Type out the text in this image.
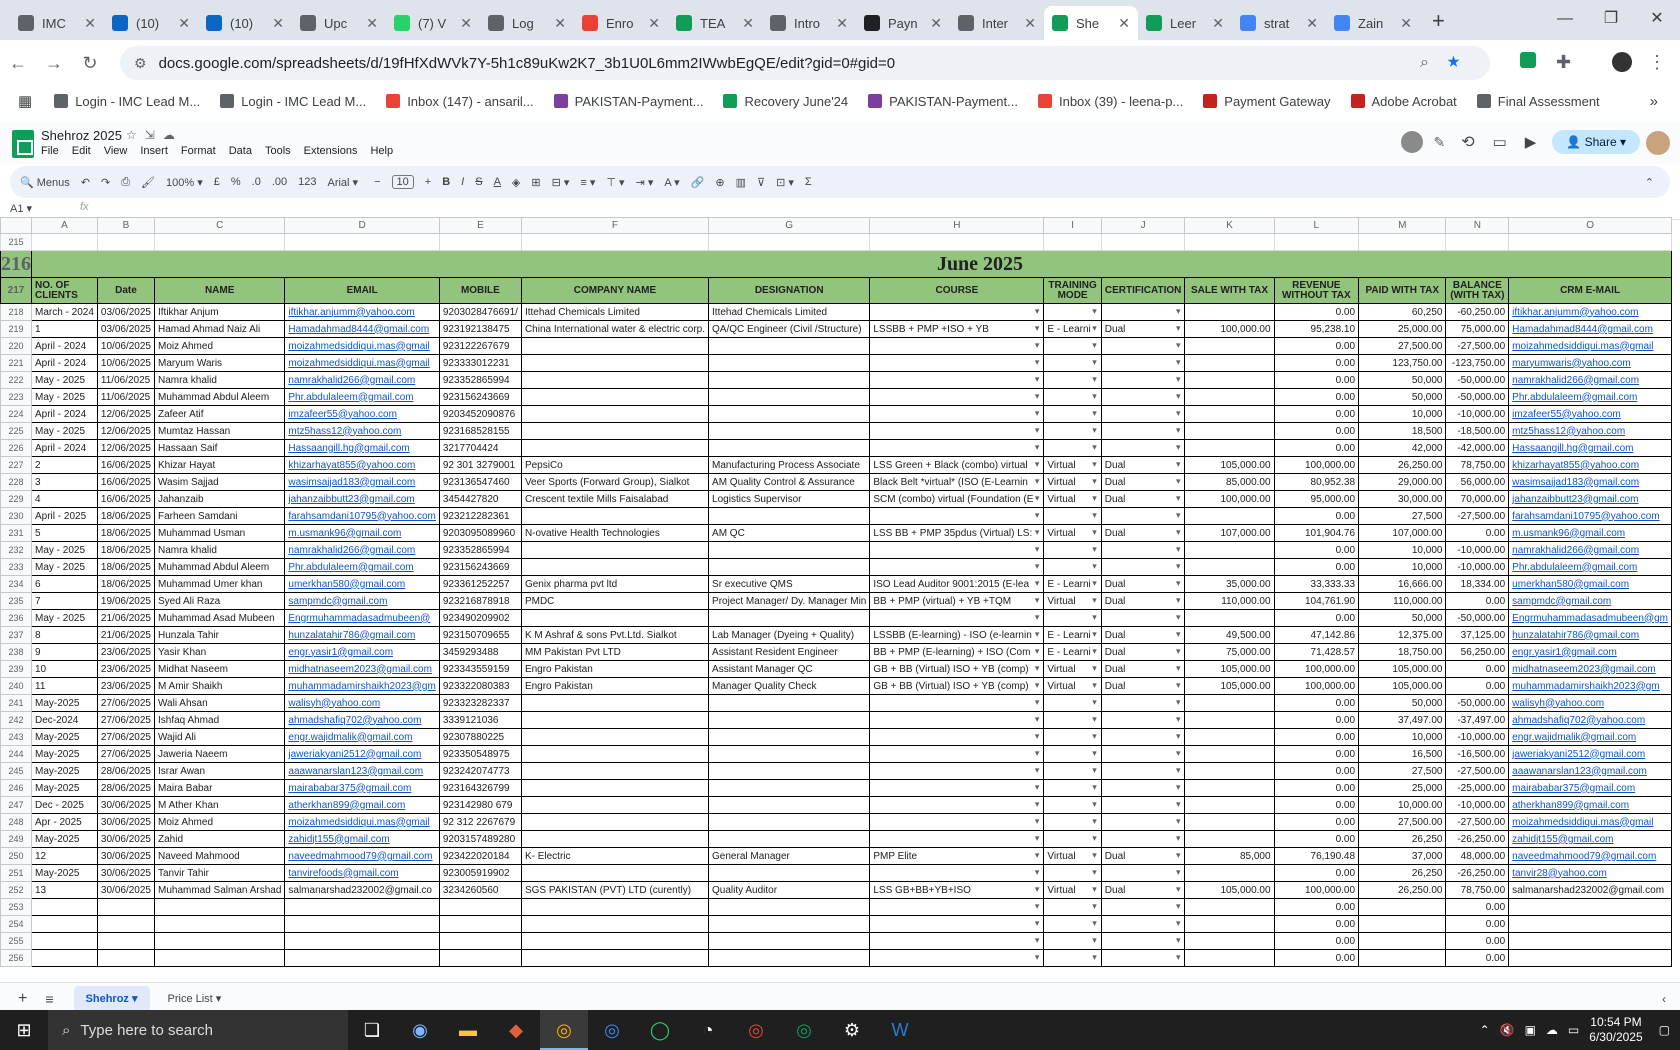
IMC	✕	(10)	✕	(10)	✕	Upc	✕	(7) V	✕	Log	✕	Enro	✕	TEA	✕	Intro	✕	Payn ✕	Inter	✕	She	✕	Leer	✕	strat	✕	Zain	✕ +	—	❐	✕
←	→	↻	⚙ docs.google.com/spreadsheets/d/19fHfXdWVk7Y-5h1c89uKw2K7_3b1U0L6mm2IWwbEgQE/edit?gid=0#gid=0	⌕★	✚	⋮
▦	Login - IMC Lead M...	Login - IMC Lead M...	Inbox (147) - ansaril...	PAKISTAN-Payment...	Recovery June'24	PAKISTAN-Payment...	Inbox (39) - leena-p...	Payment Gateway	Adobe Acrobat	Final Assessment	»
Shehroz 2025 ☆⇲☁
File Edit View Insert Format Data Tools Extensions Help
✎ ⟲ ▭ ▶	👤 Share ▾
🔍 Menus ↶ ↷ ⎙ 🖌 100% ▾ £ % .0 .00 123 Arial ▾ −	10	+ B I S A ◈ ⊞ ⊟ ▾ ≡ ▾ ⊤ ▾ ⇥ ▾ A ▾ 🔗 ⊕ ▥ ⊽ ⊡ ▾ Σ	⌃
A1 ▾	fx
	A	B	C	D	E	F	G	H	I	J	K	L	M	N	O
215															
216	June 2025														
217	NO. OF CLIENTS	Date	NAME	EMAIL	MOBILE	COMPANY NAME	DESIGNATION	COURSE	TRAINING MODE	CERTIFICATION	SALE WITH TAX	REVENUE WITHOUT TAX	PAID WITH TAX	BALANCE (WITH TAX)	CRM E-MAIL
218	March - 2024	03/06/2025	Iftikhar Anjum	iftikhar.anjumm@yahoo.com	9203028476691/	Ittehad Chemicals Limited	Ittehad Chemicals Limited	▾	▾	▾		0.00	60,250	-60,250.00	iftikhar.anjumm@yahoo.com
219	1	03/06/2025	Hamad Ahmad Naiz Ali	Hamadahmad8444@gmail.com	923192138475	China International water & electric corp.	QA/QC Engineer (Civil /Structure)	LSSBB + PMP +ISO + YB ▾	E - Learni ▾	Dual ▾	100,000.00	95,238.10	25,000.00	75,000.00	Hamadahmad8444@gmail.com
220	April - 2024	10/06/2025	Moiz Ahmed	moizahmedsiddiqui.mas@gmail	923122267679			▾	▾	▾		0.00	27,500.00	-27,500.00	moizahmedsiddiqui.mas@gmail
221	April - 2024	10/06/2025	Maryum Waris	moizahmedsiddiqui.mas@gmail	923333012231			▾	▾	▾		0.00	123,750.00	-123,750.00	maryumwaris@yahoo.com
222	May - 2025	11/06/2025	Namra khalid	namrakhalid266@gmail.com	923352865994			▾	▾	▾		0.00	50,000	-50,000.00	namrakhalid266@gmail.com
223	May - 2025	11/06/2025	Muhammad Abdul Aleem	Phr.abdulaleem@gmail.com	923156243669			▾	▾	▾		0.00	50,000	-50,000.00	Phr.abdulaleem@gmail.com
224	April - 2024	12/06/2025	Zafeer Atif	imzafeer55@yahoo.com	9203452090876			▾	▾	▾		0.00	10,000	-10,000.00	imzafeer55@yahoo.com
225	May - 2025	12/06/2025	Mumtaz Hassan	mtz5hass12@yahoo.com	923168528155			▾	▾	▾		0.00	18,500	-18,500.00	mtz5hass12@yahoo.com
226	April - 2024	12/06/2025	Hassaan Saif	Hassaangill.hg@gmail.com	3217704424			▾	▾	▾		0.00	42,000	-42,000.00	Hassaangill.hg@gmail.com
227	2	16/06/2025	Khizar Hayat	khizarhayat855@yahoo.com	92 301 3279001	PepsiCo	Manufacturing Process Associate	LSS Green + Black (combo) virtual ▾	Virtual ▾	Dual ▾	105,000.00	100,000.00	26,250.00	78,750.00	khizarhayat855@yahoo.com
228	3	16/06/2025	Wasim Sajjad	wasimsajjad183@gmail.com	923136547460	Veer Sports (Forward Group), Sialkot	AM Quality Control & Assurance	Black Belt *virtual* (ISO (E-Learnin ▾	Virtual ▾	Dual ▾	85,000.00	80,952.38	29,000.00	56,000.00	wasimsajjad183@gmail.com
229	4	16/06/2025	Jahanzaib	jahanzaibbutt23@gmail.com	3454427820	Crescent textile Mills Faisalabad	Logistics Supervisor	SCM (combo) virtual (Foundation (E ▾	Virtual ▾	Dual ▾	100,000.00	95,000.00	30,000.00	70,000.00	jahanzaibbutt23@gmail.com
230	April - 2025	18/06/2025	Farheen Samdani	farahsamdani10795@yahoo.com	923212282361			▾	▾	▾		0.00	27,500	-27,500.00	farahsamdani10795@yahoo.com
231	5	18/06/2025	Muhammad Usman	m.usmank96@gmail.com	9203095089960	N-ovative Health Technologies	AM QC	LSS BB + PMP 35pdus (Virtual) LS: ▾	Virtual ▾	Dual ▾	107,000.00	101,904.76	107,000.00	0.00	m.usmank96@gmail.com
232	May - 2025	18/06/2025	Namra khalid	namrakhalid266@gmail.com	923352865994			▾	▾	▾		0.00	10,000	-10,000.00	namrakhalid266@gmail.com
233	May - 2025	18/06/2025	Muhammad Abdul Aleem	Phr.abdulaleem@gmail.com	923156243669			▾	▾	▾		0.00	10,000	-10,000.00	Phr.abdulaleem@gmail.com
234	6	18/06/2025	Muhammad Umer khan	umerkhan580@gmail.com	923361252257	Genix pharma pvt ltd	Sr executive QMS	ISO Lead Auditor 9001:2015 (E-lea ▾	E - Learni ▾	Dual ▾	35,000.00	33,333.33	16,666.00	18,334.00	umerkhan580@gmail.com
235	7	19/06/2025	Syed Ali Raza	sampmdc@gmail.com	923216878918	PMDC	Project Manager/ Dy. Manager Min	BB + PMP (virtual) + YB +TQM ▾	Virtual ▾	Dual ▾	110,000.00	104,761.90	110,000.00	0.00	sampmdc@gmail.com
236	May - 2025	21/06/2025	Muhammad Asad Mubeen	Engrmuhammadasadmubeen@	923490209902			▾	▾	▾		0.00	50,000	-50,000.00	Engrmuhammadasadmubeen@gm
237	8	21/06/2025	Hunzala Tahir	hunzalatahir786@gmail.com	923150709655	K M Ashraf & sons Pvt.Ltd. Sialkot	Lab Manager (Dyeing + Quality)	LSSBB (E-learning) - ISO (e-learnin ▾	E - Learni ▾	Dual ▾	49,500.00	47,142.86	12,375.00	37,125.00	hunzalatahir786@gmail.com
238	9	23/06/2025	Yasir Khan	engr.yasir1@gmail.com	3459293488	MM Pakistan Pvt LTD	Assistant Resident Engineer	BB + PMP (E-learning) + ISO (Com ▾	E - Learni ▾	Dual ▾	75,000.00	71,428.57	18,750.00	56,250.00	engr.yasir1@gmail.com
239	10	23/06/2025	Midhat Naseem	midhatnaseem2023@gmail.com	923343559159	Engro Pakistan	Assistant Manager QC	GB + BB (Virtual) ISO + YB (comp) ▾	Virtual ▾	Dual ▾	105,000.00	100,000.00	105,000.00	0.00	midhatnaseem2023@gmail.com
240	11	23/06/2025	M Amir Shaikh	muhammadamirshaikh2023@gm	923322080383	Engro Pakistan	Manager Quality Check	GB + BB (Virtual) ISO + YB (comp) ▾	Virtual ▾	Dual ▾	105,000.00	100,000.00	105,000.00	0.00	muhammadamirshaikh2023@gm
241	May-2025	27/06/2025	Wali Ahsan	walisyh@yahoo.com	923323282337			▾	▾	▾		0.00	50,000	-50,000.00	walisyh@yahoo.com
242	Dec-2024	27/06/2025	Ishfaq Ahmad	ahmadshafiq702@yahoo.com	3339121036			▾	▾	▾		0.00	37,497.00	-37,497.00	ahmadshafiq702@yahoo.com
243	May-2025	27/06/2025	Wajid Ali	engr.wajidmalik@gmail.com	92307880225			▾	▾	▾		0.00	10,000	-10,000.00	engr.wajidmalik@gmail.com
244	May-2025	27/06/2025	Jaweria Naeem	jaweriakyani2512@gmail.com	923350548975			▾	▾	▾		0.00	16,500	-16,500.00	jaweriakyani2512@gmail.com
245	May-2025	28/06/2025	Israr Awan	aaawanarslan123@gmail.com	923242074773			▾	▾	▾		0.00	27,500	-27,500.00	aaawanarslan123@gmail.com
246	May-2025	28/06/2025	Maira Babar	mairababar375@gmail.com	923164326799			▾	▾	▾		0.00	25,000	-25,000.00	mairababar375@gmail.com
247	Dec - 2025	30/06/2025	M Ather Khan	atherkhan899@gmail.com	923142980 679			▾	▾	▾		0.00	10,000.00	-10,000.00	atherkhan899@gmail.com
248	Apr - 2025	30/06/2025	Moiz Ahmed	moizahmedsiddiqui.mas@gmail	92 312 2267679			▾	▾	▾		0.00	27,500.00	-27,500.00	moizahmedsiddiqui.mas@gmail
249	May-2025	30/06/2025	Zahid	zahidjt155@gmail.com	9203157489280			▾	▾	▾		0.00	26,250	-26,250.00	zahidjt155@gmail.com
250	12	30/06/2025	Naveed Mahmood	naveedmahmood79@gmail.com	923422020184	K- Electric	General Manager	PMP Elite ▾	Virtual ▾	Dual ▾	85,000	76,190.48	37,000	48,000.00	naveedmahmood79@gmail.com
251	May-2025	30/06/2025	Tanvir Tahir	tanvirefoods@gmail.com	923005919902			▾	▾	▾		0.00	26,250	-26,250.00	tanvir28@yahoo.com
252	13	30/06/2025	Muhammad Salman Arshad	salmanarshad232002@gmail.co	3234260560	SGS PAKISTAN (PVT) LTD (curently)	Quality Auditor	LSS GB+BB+YB+ISO ▾	Virtual ▾	Dual ▾	105,000.00	100,000.00	26,250.00	78,750.00	salmanarshad232002@gmail.com
253								▾	▾	▾		0.00		0.00	
254								▾	▾	▾		0.00		0.00	
255								▾	▾	▾		0.00		0.00	
256								▾	▾	▾		0.00		0.00	
+ ≡	Shehroz ▾	Price List ▾	‹
⊞	⌕ Type here to search	❏	◉	▬	◆	◎	◎	◯	◔	◎	◎	⚙	W	⌃ 🔇 ▣ ☁ ▭
10:54 PM
6/30/2025 ▢
